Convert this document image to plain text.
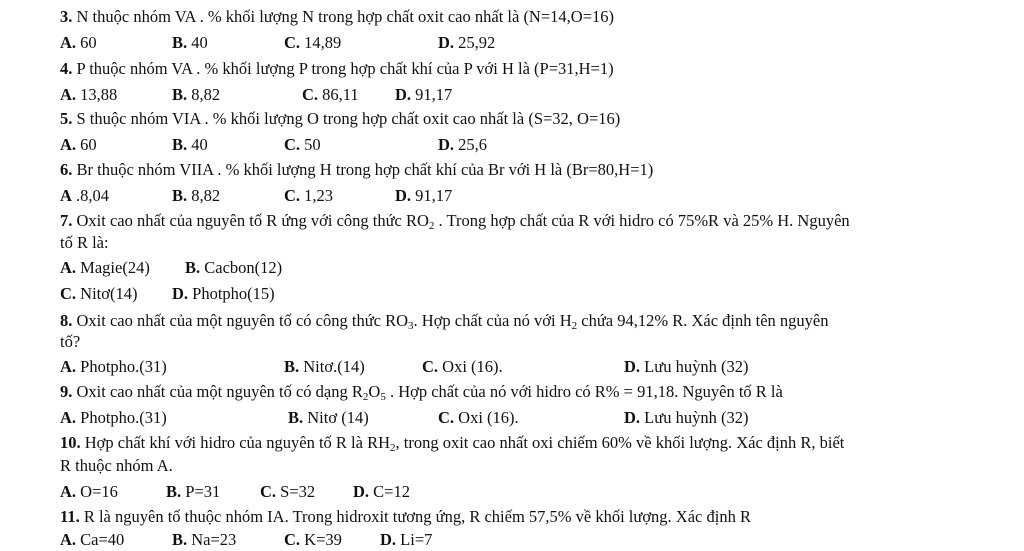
3. N thuộc nhóm VA . % khối lượng N trong hợp chất oxit cao nhất là (N=14,O=16)
A. 60	B. 40	C. 14,89	D. 25,92
4. P thuộc nhóm VA . % khối lượng P trong hợp chất khí của P với H là (P=31,H=1)
A. 13,88	B. 8,82	C. 86,11 D. 91,17
5. S thuộc nhóm VIA . % khối lượng O trong hợp chất oxit cao nhất là (S=32, O=16)
A. 60	B. 40	C. 50	D. 25,6
6. Br thuộc nhóm VIIA . % khối lượng H trong hợp chất khí của Br với H là (Br=80,H=1)
A .8,04	B. 8,82	C. 1,23	D. 91,17
7. Oxit cao nhất của nguyên tố R ứng với công thức $RO_2$ . Trong hợp chất của R với hidro có 75%R và 25% H. Nguyên
tố R là:
A. Magie(24) B. Cacbon(12)
C. Nitơ(14) D. Photpho(15)
8. Oxit cao nhất của một nguyên tố có công thức $RO_3$. Hợp chất của nó với $H_2$ chứa 94,12% R. Xác định tên nguyên
tố?
A. Photpho.(31)	B. Nitơ.(14)	C. Oxi (16).	D. Lưu huỳnh (32)
9. Oxit cao nhất của một nguyên tố có dạng $R_2O_5$ . Hợp chất của nó với hidro có R% = 91,18. Nguyên tố R là
A. Photpho.(31)	B. Nitơ (14)	C. Oxi (16).	D. Lưu huỳnh (32)
10. Hợp chất khí với hidro của nguyên tố R là $RH_2$, trong oxit cao nhất oxi chiếm 60% về khối lượng. Xác định R, biết
R thuộc nhóm A.
A. O=16	B. P=31 C. S=32 D. C=12
11. R là nguyên tố thuộc nhóm IA. Trong hidroxit tương ứng, R chiếm 57,5% về khối lượng. Xác định R
A. Ca=40	B. Na=23	C. K=39 D. Li=7
